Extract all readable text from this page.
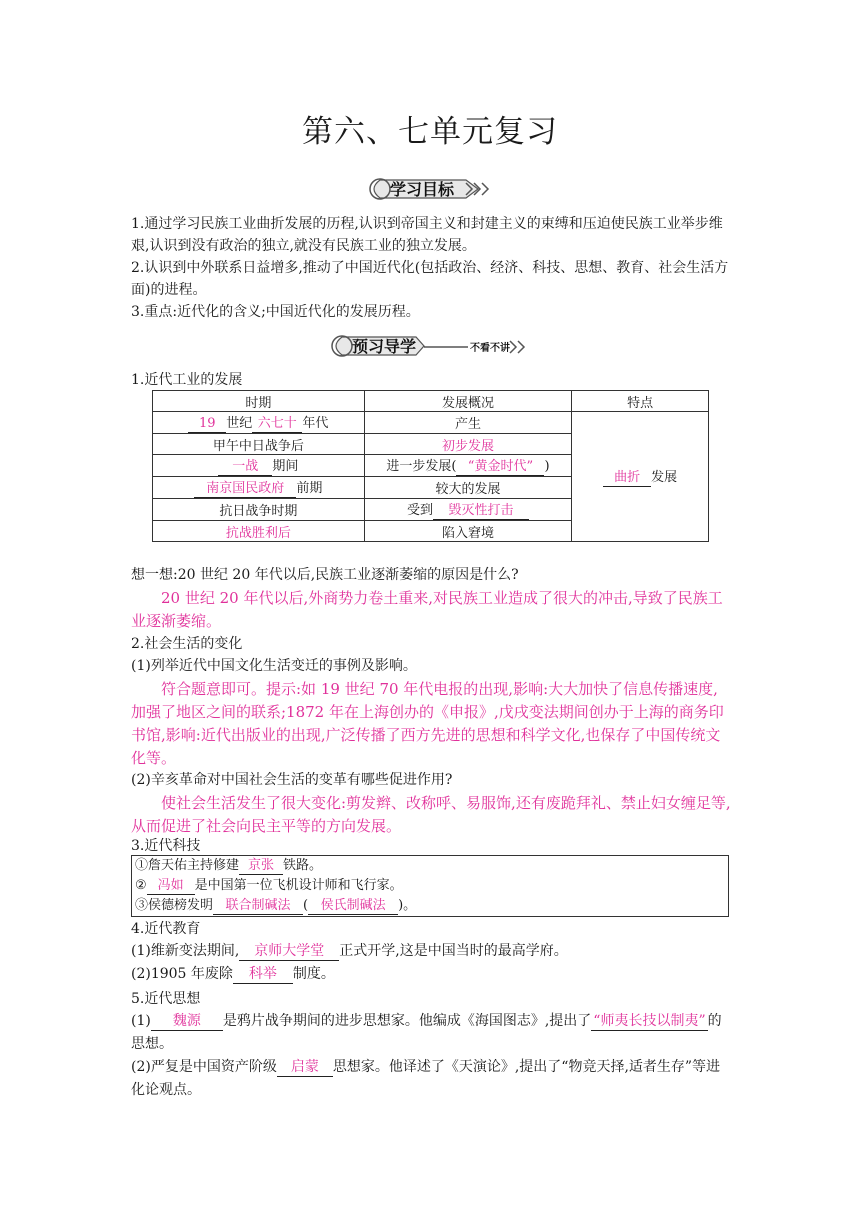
第六、七单元复习
学习目标
1.通过学习民族工业曲折发展的历程,认识到帝国主义和封建主义的束缚和压迫使民族工业举步维艰,认识到没有政治的独立,就没有民族工业的独立发展。
2.认识到中外联系日益增多,推动了中国近代化(包括政治、经济、科技、思想、教育、社会生活方面)的进程。
3.重点:近代化的含义;中国近代化的发展历程。
预习导学	不看不讲
1.近代工业的发展
时期	发展概况	特点
19 世纪 六七十 年代	产生	曲折 发展
甲午中日战争后	初步发展	
一战 期间	进一步发展( “黄金时代” )	
南京国民政府 前期	较大的发展	
抗日战争时期	受到 毁灭性打击	
抗战胜利后	陷入窘境	
想一想:20 世纪 20 年代以后,民族工业逐渐萎缩的原因是什么?
20 世纪 20 年代以后,外商势力卷土重来,对民族工业造成了很大的冲击,导致了民族工业逐渐萎缩。
2.社会生活的变化
(1)列举近代中国文化生活变迁的事例及影响。
符合题意即可。提示:如 19 世纪 70 年代电报的出现,影响:大大加快了信息传播速度,加强了地区之间的联系;1872 年在上海创办的《申报》,戊戌变法期间创办于上海的商务印书馆,影响:近代出版业的出现,广泛传播了西方先进的思想和科学文化,也保存了中国传统文化等。
(2)辛亥革命对中国社会生活的变革有哪些促进作用?
使社会生活发生了很大变化:剪发辫、改称呼、易服饰,还有废跪拜礼、禁止妇女缠足等,从而促进了社会向民主平等的方向发展。
3.近代科技
①詹天佑主持修建 京张 铁路。
② 冯如 是中国第一位飞机设计师和飞行家。
③侯德榜发明 联合制碱法 ( 侯氏制碱法 )。
4.近代教育
(1)维新变法期间, 京师大学堂 正式开学,这是中国当时的最高学府。
(2)1905 年废除 科举 制度。
5.近代思想
(1) 魏源 是鸦片战争期间的进步思想家。他编成《海国图志》,提出了 “师夷长技以制夷” 的思想。
(2)严复是中国资产阶级 启蒙 思想家。他译述了《天演论》,提出了“物竞天择,适者生存”等进化论观点。
